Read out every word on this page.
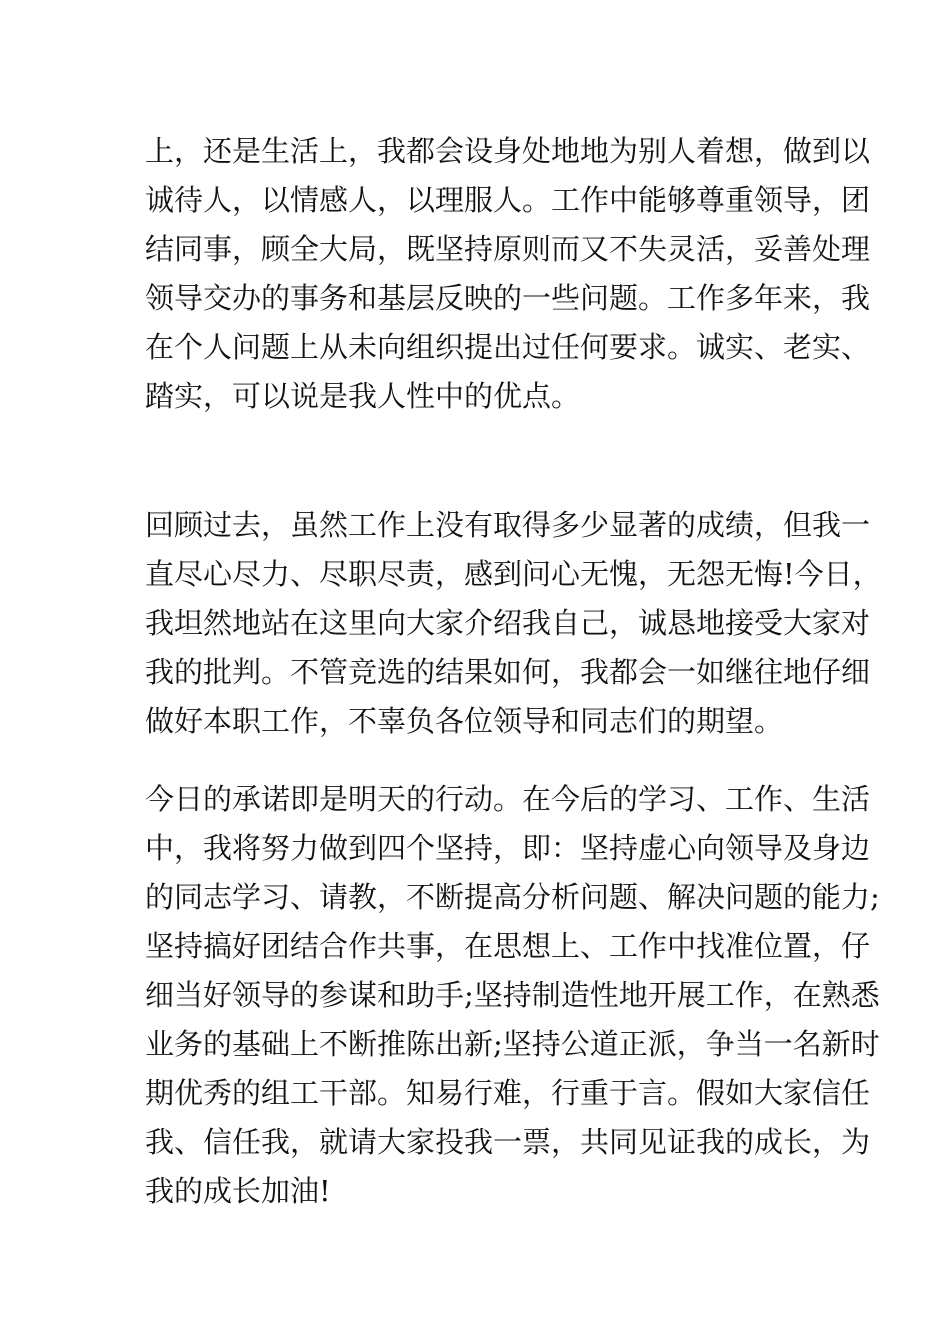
上，还是生活上，我都会设身处地地为别人着想，做到以
诚待人，以情感人，以理服人。工作中能够尊重领导，团
结同事，顾全大局，既坚持原则而又不失灵活，妥善处理
领导交办的事务和基层反映的一些问题。工作多年来，我
在个人问题上从未向组织提出过任何要求。诚实、老实、
踏实，可以说是我人性中的优点。
回顾过去，虽然工作上没有取得多少显著的成绩，但我一
直尽心尽力、尽职尽责，感到问心无愧，无怨无悔!今日，
我坦然地站在这里向大家介绍我自己，诚恳地接受大家对
我的批判。不管竞选的结果如何，我都会一如继往地仔细
做好本职工作，不辜负各位领导和同志们的期望。
今日的承诺即是明天的行动。在今后的学习、工作、生活
中，我将努力做到四个坚持，即：坚持虚心向领导及身边
的同志学习、请教，不断提高分析问题、解决问题的能力;
坚持搞好团结合作共事，在思想上、工作中找准位置，仔
细当好领导的参谋和助手;坚持制造性地开展工作，在熟悉
业务的基础上不断推陈出新;坚持公道正派，争当一名新时
期优秀的组工干部。知易行难，行重于言。假如大家信任
我、信任我，就请大家投我一票，共同见证我的成长，为
我的成长加油!
